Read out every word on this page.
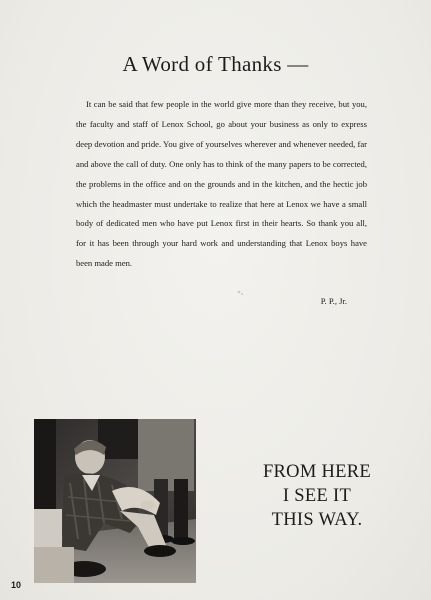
A Word of Thanks —

It can be said that few people in the world give more than they receive, but you, the faculty and staff of Lenox School, go about your business as only to express deep devotion and pride. You give of yourselves wherever and whenever needed, far and above the call of duty. One only has to think of the many papers to be corrected, the problems in the office and on the grounds and in the kitchen, and the hectic job which the headmaster must undertake to realize that here at Lenox we have a small body of dedicated men who have put Lenox first in their hearts. So thank you all, for it has been through your hard work and understanding that Lenox boys have been made men.

P. P., Jr.

FROM HERE
I SEE IT
THIS WAY.

10
